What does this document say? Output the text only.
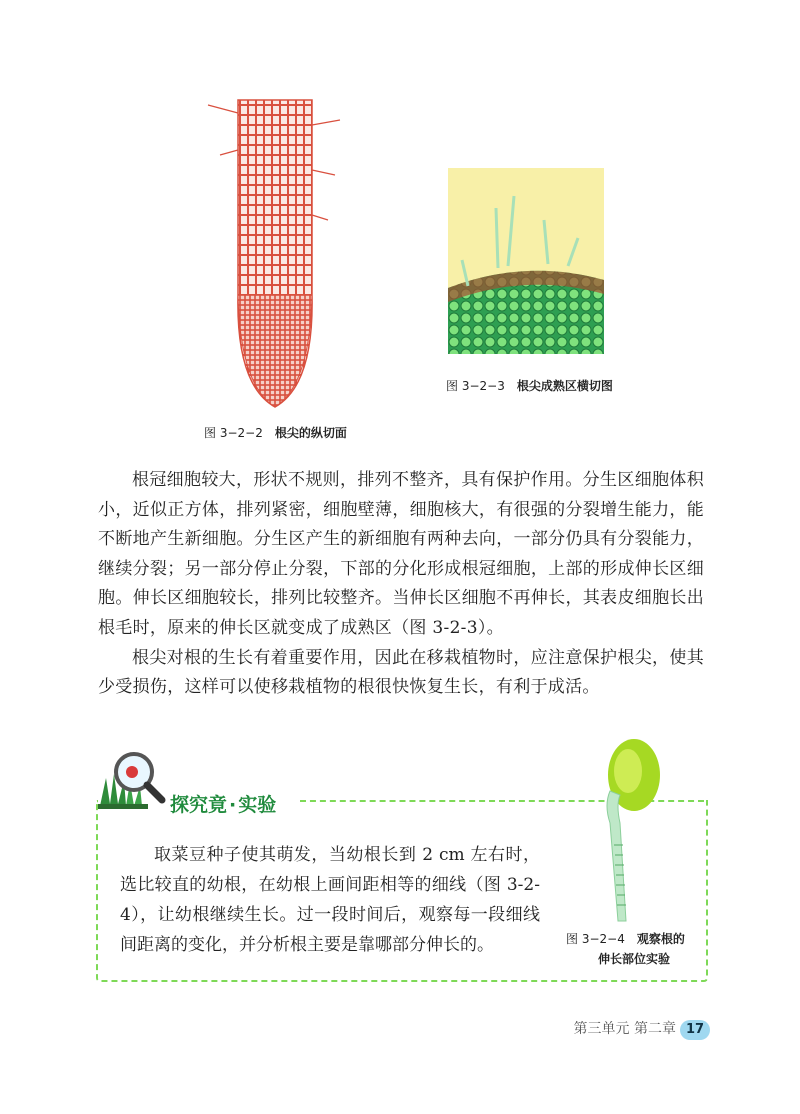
图 3−2−2 根尖的纵切面
图 3−2−3 根尖成熟区横切图

根冠细胞较大，形状不规则，排列不整齐，具有保护作用。分生区细胞体积小，近似正方体，排列紧密，细胞壁薄，细胞核大，有很强的分裂增生能力，能不断地产生新细胞。分生区产生的新细胞有两种去向，一部分仍具有分裂能力，继续分裂；另一部分停止分裂，下部的分化形成根冠细胞，上部的形成伸长区细胞。伸长区细胞较长，排列比较整齐。当伸长区细胞不再伸长，其表皮细胞长出根毛时，原来的伸长区就变成了成熟区（图 3-2-3）。

根尖对根的生长有着重要作用，因此在移栽植物时，应注意保护根尖，使其少受损伤，这样可以使移栽植物的根很快恢复生长，有利于成活。

探究竟 · 实验

取菜豆种子使其萌发，当幼根长到 2 cm 左右时，选比较直的幼根，在幼根上画间距相等的细线（图 3-2-4），让幼根继续生长。过一段时间后，观察每一段细线间距离的变化，并分析根主要是靠哪部分伸长的。	图 3−2−4 观察根的
伸长部位实验
第三单元 第二章 17
